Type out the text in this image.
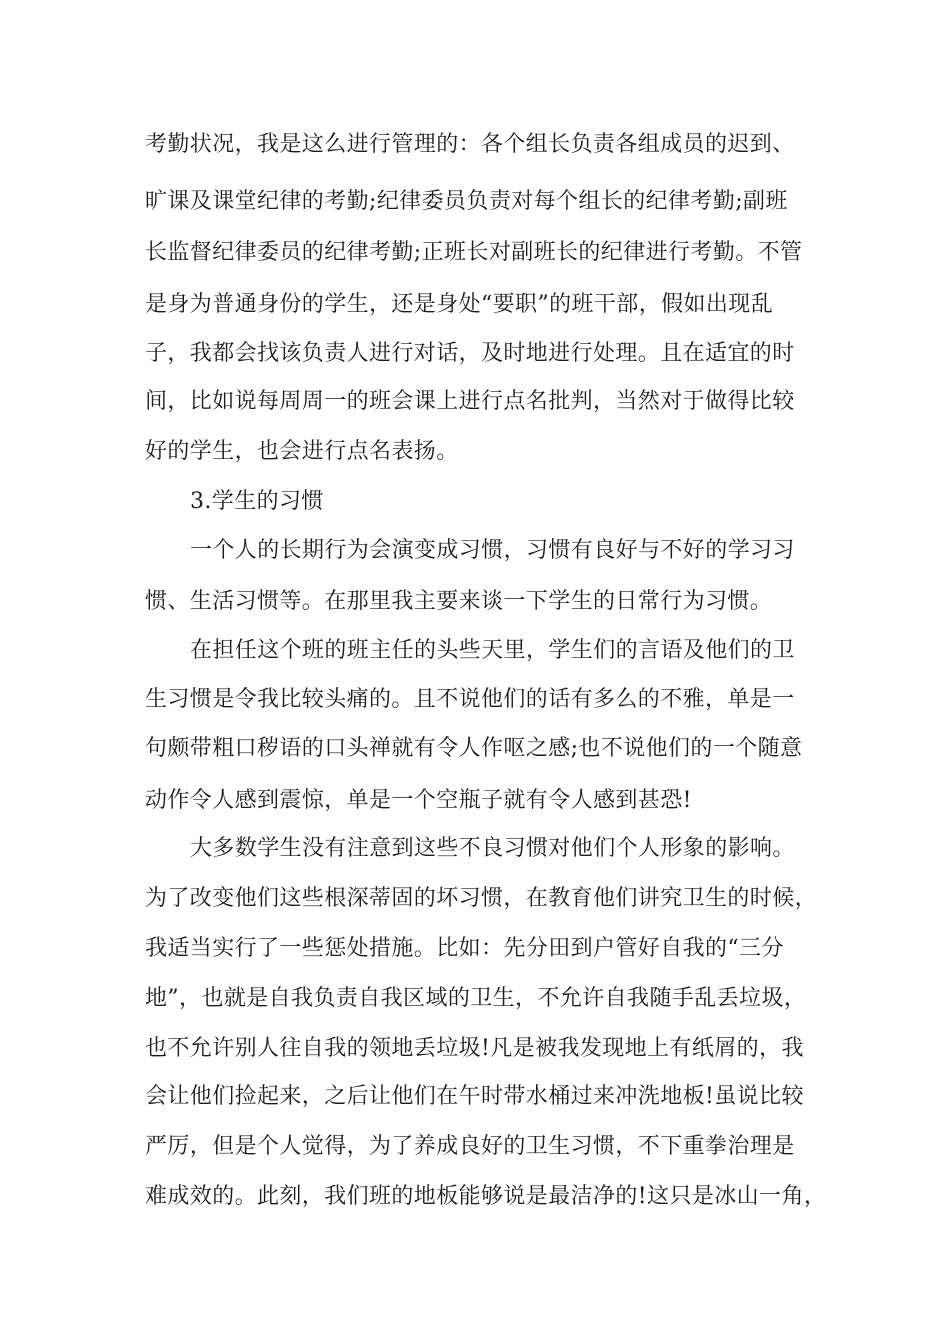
考勤状况，我是这么进行管理的：各个组长负责各组成员的迟到、
旷课及课堂纪律的考勤;纪律委员负责对每个组长的纪律考勤;副班
长监督纪律委员的纪律考勤;正班长对副班长的纪律进行考勤。不管
是身为普通身份的学生，还是身处“要职”的班干部，假如出现乱
子，我都会找该负责人进行对话，及时地进行处理。且在适宜的时
间，比如说每周周一的班会课上进行点名批判，当然对于做得比较
好的学生，也会进行点名表扬。
3.学生的习惯
一个人的长期行为会演变成习惯，习惯有良好与不好的学习习
惯、生活习惯等。在那里我主要来谈一下学生的日常行为习惯。
在担任这个班的班主任的头些天里，学生们的言语及他们的卫
生习惯是令我比较头痛的。且不说他们的话有多么的不雅，单是一
句颇带粗口秽语的口头禅就有令人作呕之感;也不说他们的一个随意
动作令人感到震惊，单是一个空瓶子就有令人感到甚恐!
大多数学生没有注意到这些不良习惯对他们个人形象的影响。
为了改变他们这些根深蒂固的坏习惯，在教育他们讲究卫生的时候，
我适当实行了一些惩处措施。比如：先分田到户管好自我的“三分
地”，也就是自我负责自我区域的卫生，不允许自我随手乱丢垃圾，
也不允许别人往自我的领地丢垃圾!凡是被我发现地上有纸屑的，我
会让他们捡起来，之后让他们在午时带水桶过来冲洗地板!虽说比较
严厉，但是个人觉得，为了养成良好的卫生习惯，不下重拳治理是
难成效的。此刻，我们班的地板能够说是最洁净的!这只是冰山一角，
